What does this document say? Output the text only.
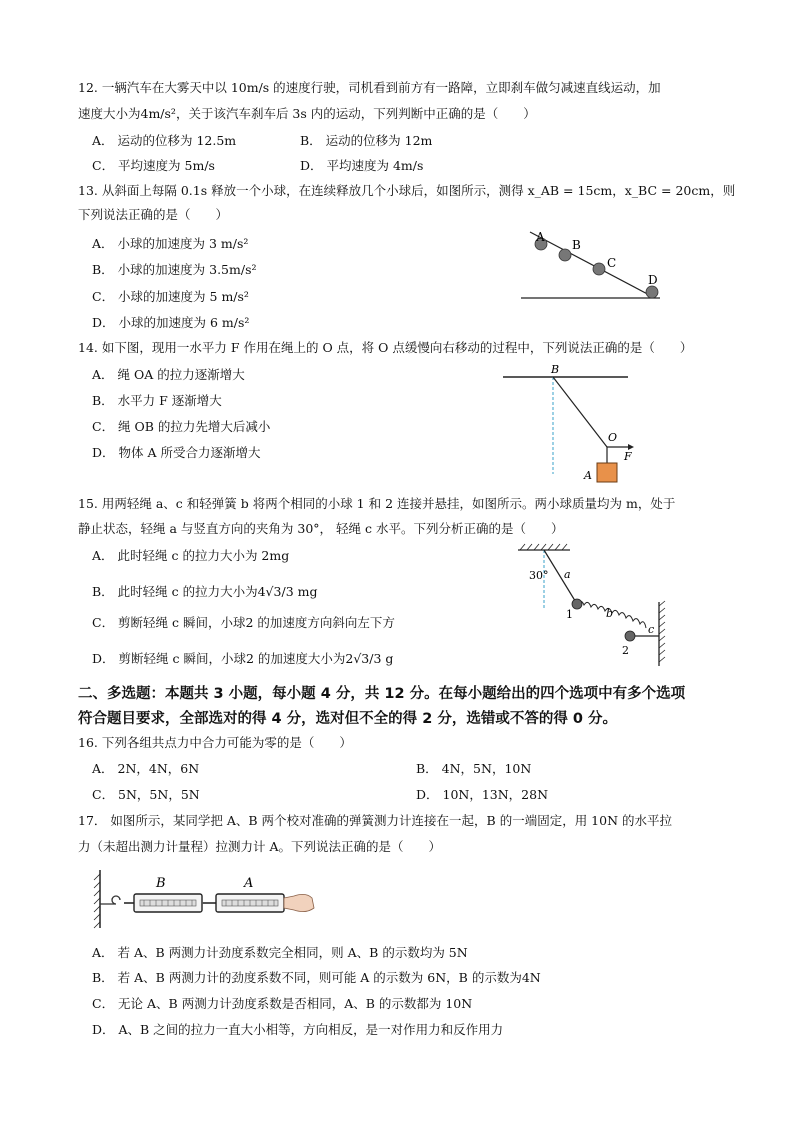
12. 一辆汽车在大雾天中以 10m/s 的速度行驶，司机看到前方有一路障，立即刹车做匀减速直线运动，加
速度大小为4m/s²，关于该汽车刹车后 3s 内的运动，下列判断中正确的是（　　）
A． 运动的位移为 12.5m	B． 运动的位移为 12m
C． 平均速度为 5m/s	D． 平均速度为 4m/s
13. 从斜面上每隔 0.1s 释放一个小球，在连续释放几个小球后，如图所示，测得 x_AB = 15cm，x_BC = 20cm，则
下列说法正确的是（　　）
A． 小球的加速度为 3 m/s²
B． 小球的加速度为 3.5m/s²
C． 小球的加速度为 5 m/s²
D． 小球的加速度为 6 m/s²
A
B
C
D
14. 如下图，现用一水平力 F 作用在绳上的 O 点，将 O 点缓慢向右移动的过程中，下列说法正确的是（　　）
A． 绳 OA 的拉力逐渐增大
B． 水平力 F 逐渐增大
C． 绳 OB 的拉力先增大后减小
D． 物体 A 所受合力逐渐增大
B
O
F
A
15. 用两轻绳 a、c 和轻弹簧 b 将两个相同的小球 1 和 2 连接并悬挂，如图所示。两小球质量均为 m，处于
静止状态，轻绳 a 与竖直方向的夹角为 30°， 轻绳 c 水平。下列分析正确的是（　　）
A． 此时轻绳 c 的拉力大小为 2mg
B． 此时轻绳 c 的拉力大小为4√3/3 mg
C． 剪断轻绳 c 瞬间，小球2 的加速度方向斜向左下方
D． 剪断轻绳 c 瞬间，小球2 的加速度大小为2√3/3 g
30° a
b
c
1
2
二、多选题：本题共 3 小题，每小题 4 分，共 12 分。在每小题给出的四个选项中有多个选项
符合题目要求，全部选对的得 4 分，选对但不全的得 2 分，选错或不答的得 0 分。
16. 下列各组共点力中合力可能为零的是（　　）
A． 2N，4N，6N	B． 4N，5N，10N
C． 5N，5N，5N	D． 10N，13N，28N
17． 如图所示，某同学把 A、B 两个校对准确的弹簧测力计连接在一起，B 的一端固定，用 10N 的水平拉
力（未超出测力计量程）拉测力计 A。下列说法正确的是（　　）
B	A
A． 若 A、B 两测力计劲度系数完全相同，则 A、B 的示数均为 5N
B． 若 A、B 两测力计的劲度系数不同，则可能 A 的示数为 6N，B 的示数为4N
C． 无论 A、B 两测力计劲度系数是否相同，A、B 的示数都为 10N
D． A、B 之间的拉力一直大小相等，方向相反，是一对作用力和反作用力
